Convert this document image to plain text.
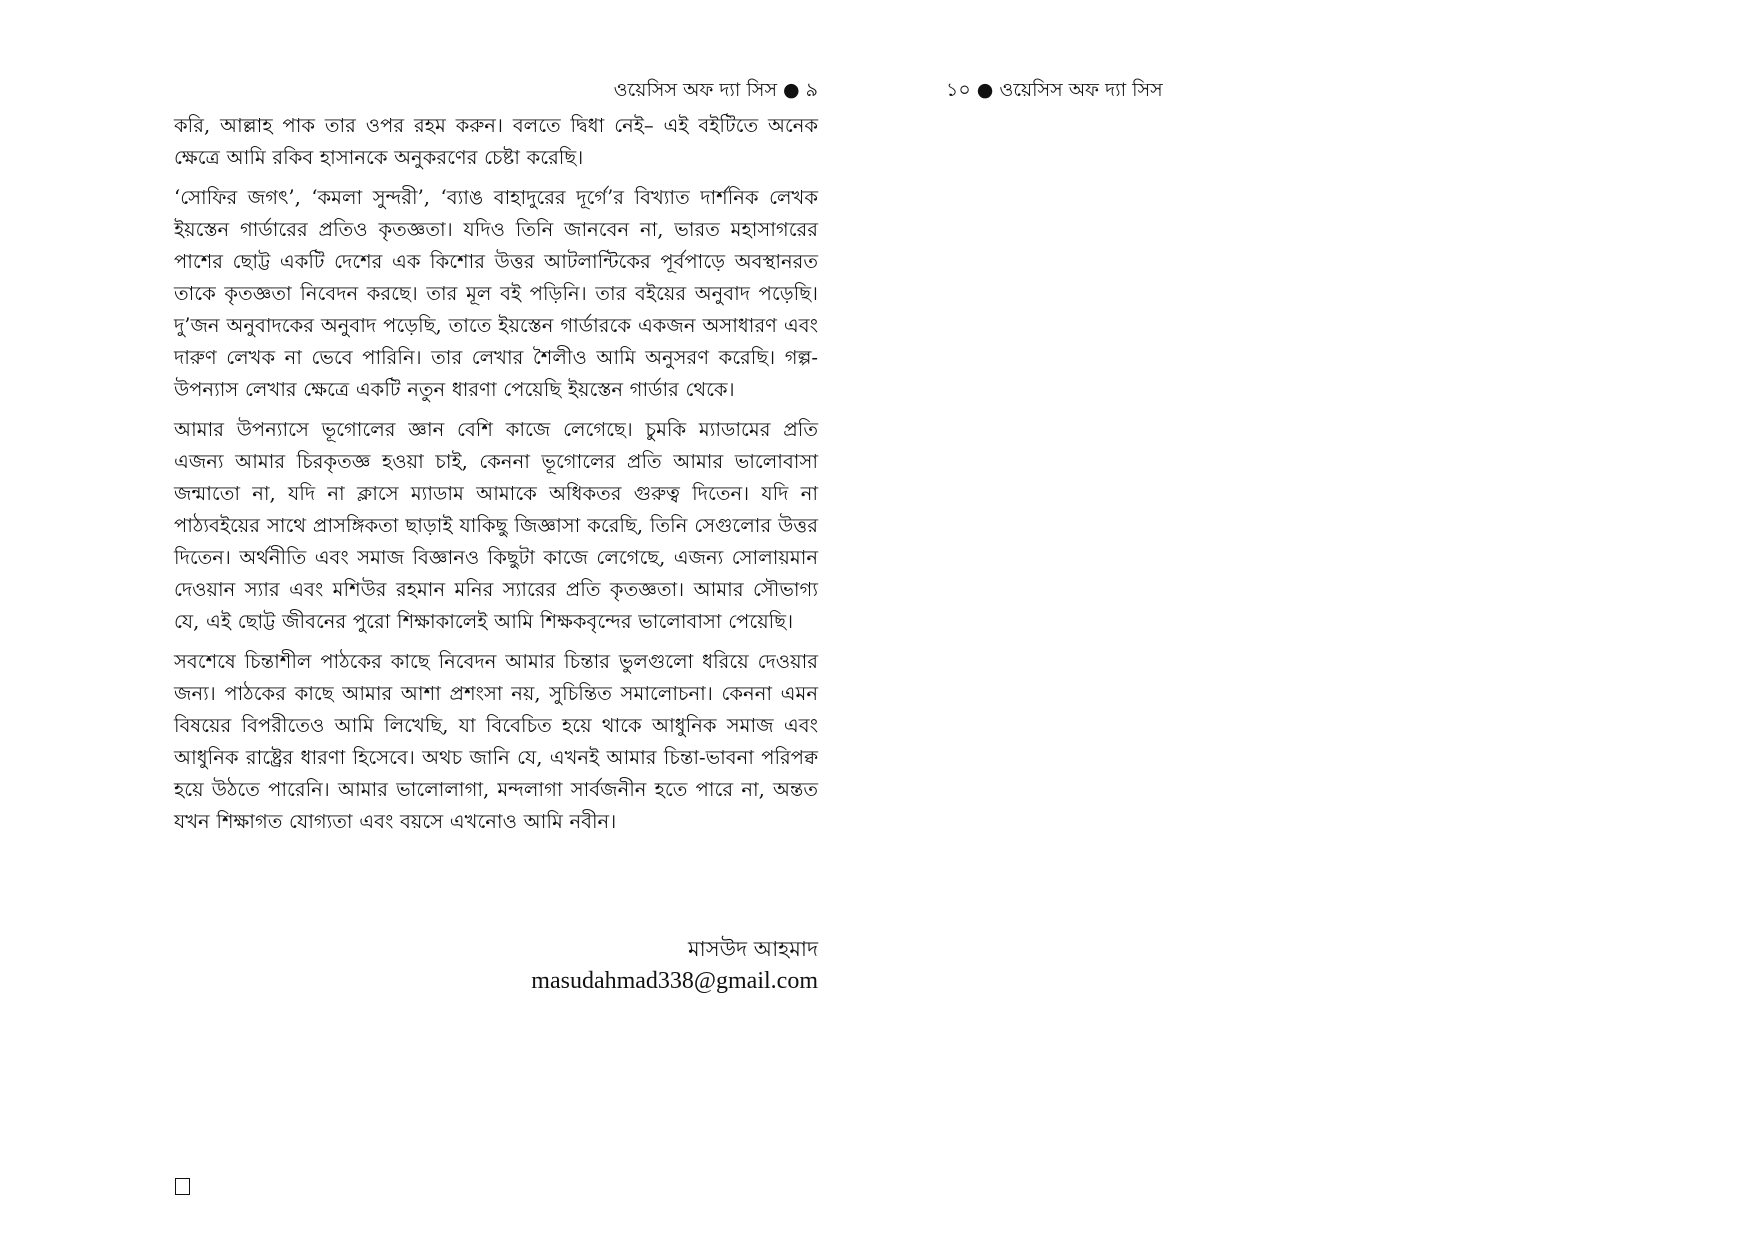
ওয়েসিস অফ দ্যা সিস ● ৯	১০ ● ওয়েসিস অফ দ্যা সিস

করি, আল্লাহ পাক তার ওপর রহম করুন। বলতে দ্বিধা নেই– এই বইটিতে অনেক ক্ষেত্রে আমি রকিব হাসানকে অনুকরণের চেষ্টা করেছি।

‘সোফির জগৎ’, ‘কমলা সুন্দরী’, ‘ব্যাঙ বাহাদুরের দূর্গে’র বিখ্যাত দার্শনিক লেখক ইয়স্তেন গার্ডারের প্রতিও কৃতজ্ঞতা। যদিও তিনি জানবেন না, ভারত মহাসাগরের পাশের ছোট্ট একটি দেশের এক কিশোর উত্তর আটলান্টিকের পূর্বপাড়ে অবস্থানরত তাকে কৃতজ্ঞতা নিবেদন করছে। তার মূল বই পড়িনি। তার বইয়ের অনুবাদ পড়েছি। দু’জন অনুবাদকের অনুবাদ পড়েছি, তাতে ইয়স্তেন গার্ডারকে একজন অসাধারণ এবং দারুণ লেখক না ভেবে পারিনি। তার লেখার শৈলীও আমি অনুসরণ করেছি। গল্প-উপন্যাস লেখার ক্ষেত্রে একটি নতুন ধারণা পেয়েছি ইয়স্তেন গার্ডার থেকে।

আমার উপন্যাসে ভূগোলের জ্ঞান বেশি কাজে লেগেছে। চুমকি ম্যাডামের প্রতি এজন্য আমার চিরকৃতজ্ঞ হওয়া চাই, কেননা ভূগোলের প্রতি আমার ভালোবাসা জন্মাতো না, যদি না ক্লাসে ম্যাডাম আমাকে অধিকতর গুরুত্ব দিতেন। যদি না পাঠ্যবইয়ের সাথে প্রাসঙ্গিকতা ছাড়াই যাকিছু জিজ্ঞাসা করেছি, তিনি সেগুলোর উত্তর দিতেন। অর্থনীতি এবং সমাজ বিজ্ঞানও কিছুটা কাজে লেগেছে, এজন্য সোলায়মান দেওয়ান স্যার এবং মশিউর রহমান মনির স্যারের প্রতি কৃতজ্ঞতা। আমার সৌভাগ্য যে, এই ছোট্ট জীবনের পুরো শিক্ষাকালেই আমি শিক্ষকবৃন্দের ভালোবাসা পেয়েছি।

সবশেষে চিন্তাশীল পাঠকের কাছে নিবেদন আমার চিন্তার ভুলগুলো ধরিয়ে দেওয়ার জন্য। পাঠকের কাছে আমার আশা প্রশংসা নয়, সুচিন্তিত সমালোচনা। কেননা এমন বিষয়ের বিপরীতেও আমি লিখেছি, যা বিবেচিত হয়ে থাকে আধুনিক সমাজ এবং আধুনিক রাষ্ট্রের ধারণা হিসেবে। অথচ জানি যে, এখনই আমার চিন্তা-ভাবনা পরিপক্ব হয়ে উঠতে পারেনি। আমার ভালোলাগা, মন্দলাগা সার্বজনীন হতে পারে না, অন্তত যখন শিক্ষাগত যোগ্যতা এবং বয়সে এখনোও আমি নবীন।

মাসউদ আহমাদ
masudahmad338@gmail.com
